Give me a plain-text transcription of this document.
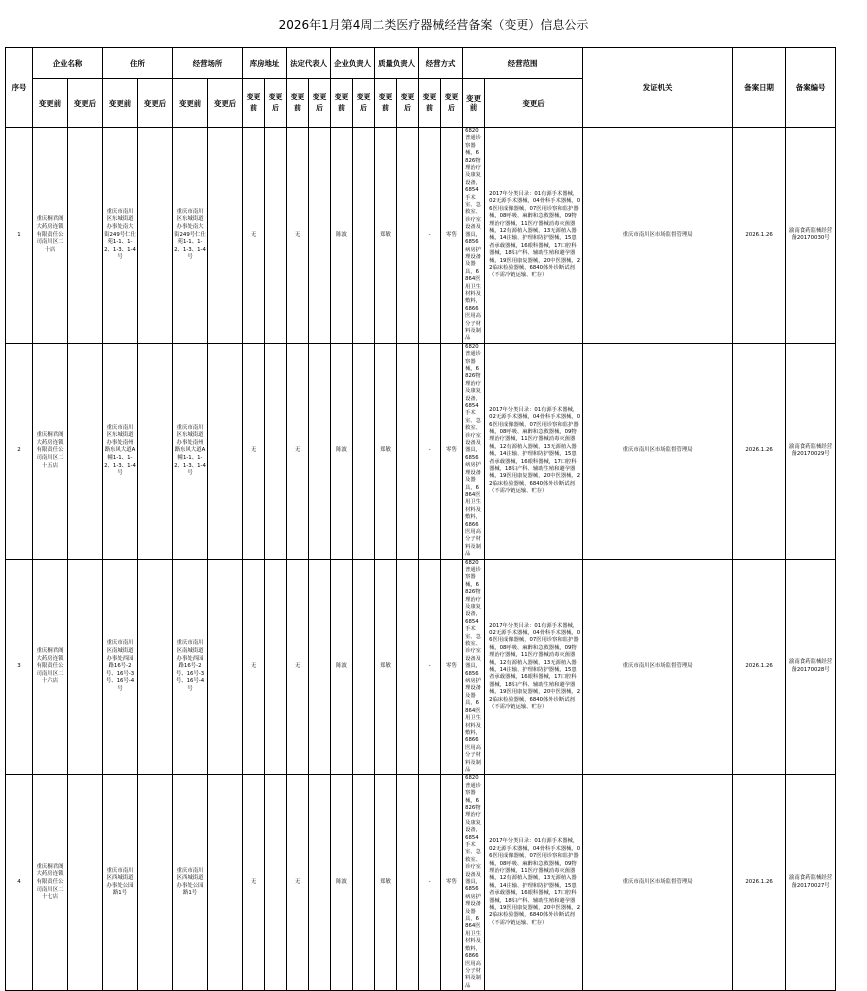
2026年1月第4周二类医疗器械经营备案（变更）信息公示
序号	企业名称		住所		经营场所		库房地址		法定代表人		企业负责人		质量负责人		经营方式		经营范围		发证机关	备案日期	备案编号
	变更前	变更后	变更前	变更后	变更前	变更后	变更前	变更后	变更前	变更后	变更前	变更后	变更前	变更后	变更前	变更后	变更前	变更后			
1	重庆桐君阁大药房连锁有限责任公司南川区二十店		重庆市南川区东城街道办事处南大街249号仁仕苑1-1、1-2、1-3、1-4号		重庆市南川区东城街道办事处南大街249号仁仕苑1-1、1-2、1-3、1-4号		无		无		陈波		郑敏		-	零售	6820普通诊察器械，6826物理治疗及康复设备，6854手术室、急救室、诊疗室设备及器具，6856病房护理设备及器具，6864医用卫生材料及敷料，6866医用高分子材料及制品	2017年分类目录：01有源手术器械，02无源手术器械，04骨科手术器械，06医用成像器械，07医用诊察和监护器械，08呼吸、麻醉和急救器械，09物理治疗器械，11医疗器械消毒灭菌器械，12有源植入器械，13无源植入器械，14注输、护理和防护器械，15患者承载器械，16眼科器械，17口腔科器械，18妇产科、辅助生殖和避孕器械，19医用康复器械，20中医器械，22临床检验器械，6840体外诊断试剂（不需冷链运输、贮存）	重庆市南川区市场监督管理局	2026.1.26	渝南食药监械经营备20170030号
2	重庆桐君阁大药房连锁有限责任公司南川区二十五店		重庆市南川区东城街道办事处南州路东风大道A幢1-1、1-2、1-3、1-4号		重庆市南川区东城街道办事处南州路东风大道A幢1-1、1-2、1-3、1-4号		无		无		陈波		郑敏		-	零售	6820普通诊察器械，6826物理治疗及康复设备，6854手术室、急救室、诊疗室设备及器具，6856病房护理设备及器具，6864医用卫生材料及敷料，6866医用高分子材料及制品	2017年分类目录：01有源手术器械，02无源手术器械，04骨科手术器械，06医用成像器械，07医用诊察和监护器械，08呼吸、麻醉和急救器械，09物理治疗器械，11医疗器械消毒灭菌器械，12有源植入器械，13无源植入器械，14注输、护理和防护器械，15患者承载器械，16眼科器械，17口腔科器械，18妇产科、辅助生殖和避孕器械，19医用康复器械，20中医器械，22临床检验器械，6840体外诊断试剂（不需冷链运输、贮存）	重庆市南川区市场监督管理局	2026.1.26	渝南食药监械经营备20170029号
3	重庆桐君阁大药房连锁有限责任公司南川区二十六店		重庆市南川区南城街道办事处西园路16号-2号、16号-3号、16号-4号		重庆市南川区南城街道办事处西园路16号-2号、16号-3号、16号-4号		无		无		陈波		郑敏		-	零售	6820普通诊察器械，6826物理治疗及康复设备，6854手术室、急救室、诊疗室设备及器具，6856病房护理设备及器具，6864医用卫生材料及敷料，6866医用高分子材料及制品	2017年分类目录：01有源手术器械，02无源手术器械，04骨科手术器械，06医用成像器械，07医用诊察和监护器械，08呼吸、麻醉和急救器械，09物理治疗器械，11医疗器械消毒灭菌器械，12有源植入器械，13无源植入器械，14注输、护理和防护器械，15患者承载器械，16眼科器械，17口腔科器械，18妇产科、辅助生殖和避孕器械，19医用康复器械，20中医器械，22临床检验器械，6840体外诊断试剂（不需冷链运输、贮存）	重庆市南川区市场监督管理局	2026.1.26	渝南食药监械经营备20170028号
4	重庆桐君阁大药房连锁有限责任公司南川区二十七店		重庆市南川区西城街道办事处公园路1号		重庆市南川区西城街道办事处公园路1号		无		无		陈波		郑敏		-	零售	6820普通诊察器械，6826物理治疗及康复设备，6854手术室、急救室、诊疗室设备及器具，6856病房护理设备及器具，6864医用卫生材料及敷料，6866医用高分子材料及制品	2017年分类目录：01有源手术器械，02无源手术器械，04骨科手术器械，06医用成像器械，07医用诊察和监护器械，08呼吸、麻醉和急救器械，09物理治疗器械，11医疗器械消毒灭菌器械，12有源植入器械，13无源植入器械，14注输、护理和防护器械，15患者承载器械，16眼科器械，17口腔科器械，18妇产科、辅助生殖和避孕器械，19医用康复器械，20中医器械，22临床检验器械，6840体外诊断试剂（不需冷链运输、贮存）	重庆市南川区市场监督管理局	2026.1.26	渝南食药监械经营备20170027号
